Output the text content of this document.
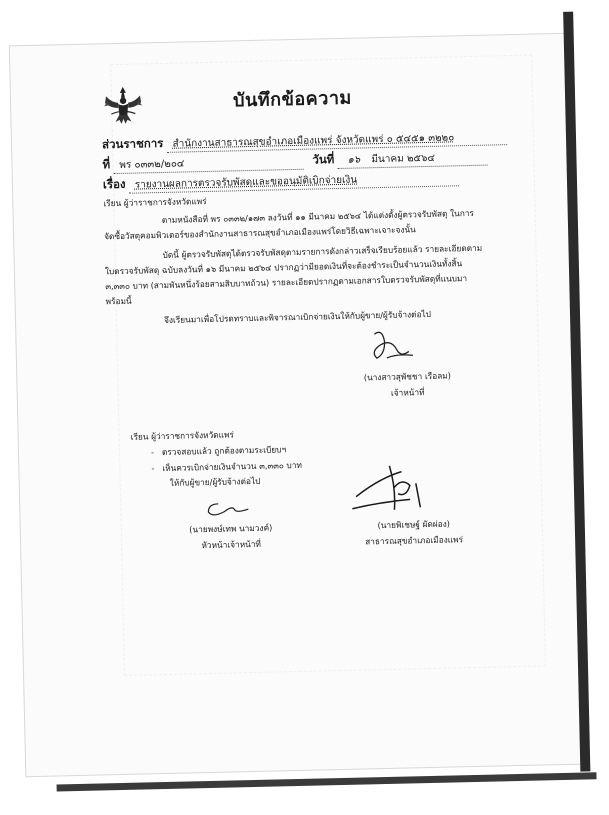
บันทึกข้อความ
ส่วนราชการ สำนักงานสาธารณสุขอำเภอเมืองแพร่ จังหวัดแพร่ ๐ ๕๔๕๑ ๓๒๒๐
ที่ พร ๐๓๓๒/๒๐๔	วันที่ ๑๖ มีนาคม ๒๕๖๔
เรื่อง รายงานผลการตรวจรับพัสดุและขออนุมัติเบิกจ่ายเงิน
เรียน ผู้ว่าราชการจังหวัดแพร่
ตามหนังสือที่ พร ๐๓๓๒/๑๗๓ ลงวันที่ ๑๑ มีนาคม ๒๕๖๔ ได้แต่งตั้งผู้ตรวจรับพัสดุ ในการ
จัดซื้อวัสดุคอมพิวเตอร์ของสำนักงานสาธารณสุขอำเภอเมืองแพร่โดยวิธีเฉพาะเจาะจงนั้น
บัดนี้ ผู้ตรวจรับพัสดุได้ตรวจรับพัสดุตามรายการดังกล่าวเสร็จเรียบร้อยแล้ว รายละเอียดตาม
ใบตรวจรับพัสดุ ฉบับลงวันที่ ๑๖ มีนาคม ๒๕๖๔ ปรากฏว่ามียอดเงินที่จะต้องชำระเป็นจำนวนเงินทั้งสิ้น
๓,๓๓๐ บาท (สามพันหนึ่งร้อยสามสิบบาทถ้วน) รายละเอียดปรากฏตามเอกสารใบตรวจรับพัสดุที่แนบมา
พร้อมนี้
จึงเรียนมาเพื่อโปรดทราบและพิจารณาเบิกจ่ายเงินให้กับผู้ขาย/ผู้รับจ้างต่อไป
(นางสาวสุพัชชา เรือลม)
เจ้าหน้าที่
เรียน ผู้ว่าราชการจังหวัดแพร่
-   ตรวจสอบแล้ว ถูกต้องตามระเบียบฯ
-   เห็นควรเบิกจ่ายเงินจำนวน ๓,๓๓๐ บาท
ให้กับผู้ขาย/ผู้รับจ้างต่อไป
(นายพงษ์เทพ นามวงค์)
หัวหน้าเจ้าหน้าที่
(นายพิเชษฐ์ ผัดผ่อง)
สาธารณสุขอำเภอเมืองแพร่
